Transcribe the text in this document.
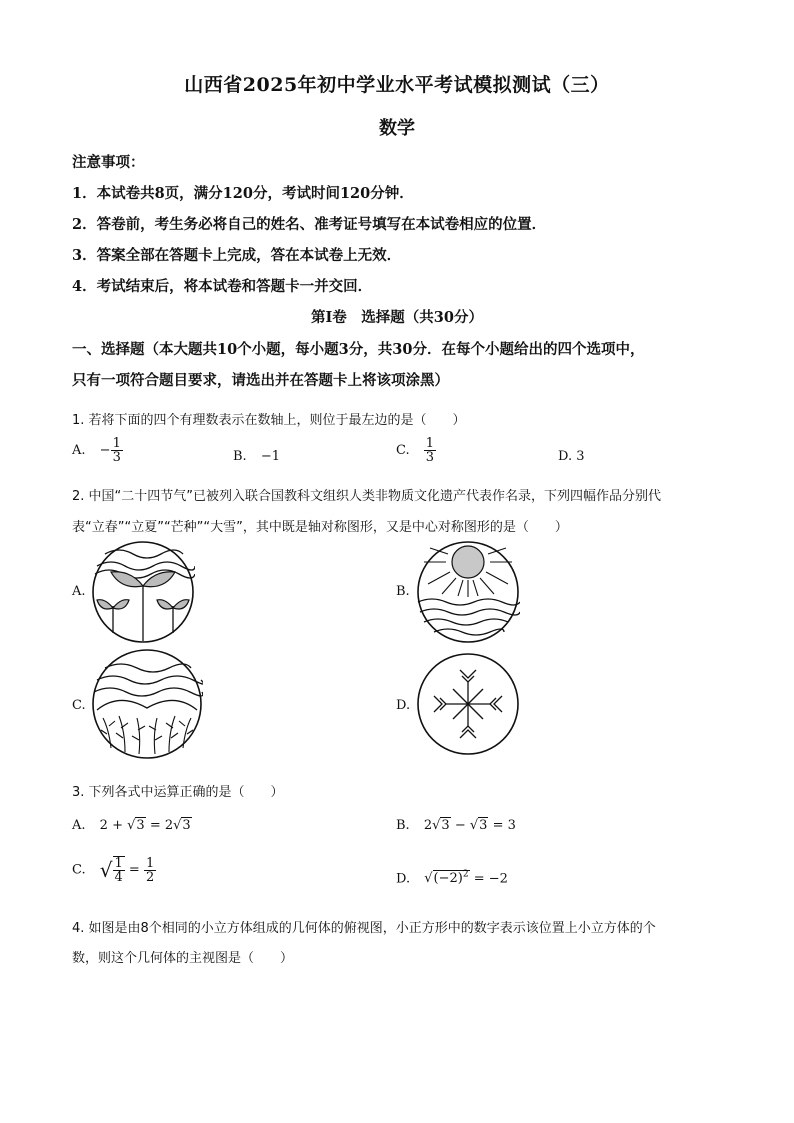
山西省2025年初中学业水平考试模拟测试（三）
数学
注意事项：
1．本试卷共8页，满分120分，考试时间120分钟．
2．答卷前，考生务必将自己的姓名、准考证号填写在本试卷相应的位置．
3．答案全部在答题卡上完成，答在本试卷上无效．
4．考试结束后，将本试卷和答题卡一并交回．
第Ⅰ卷　选择题（共30分）
一、选择题（本大题共10个小题，每小题3分，共30分．在每个小题给出的四个选项中，
只有一项符合题目要求，请选出并在答题卡上将该项涂黑）
1. 若将下面的四个有理数表示在数轴上，则位于最左边的是（　　）
A. − $\frac{1}{3}$	B. −1	C. $\frac{1}{3}$	D. 3
2. 中国“二十四节气”已被列入联合国教科文组织人类非物质文化遗产代表作名录，下列四幅作品分别代
表“立春”“立夏”“芒种”“大雪”，其中既是轴对称图形，又是中心对称图形的是（　　）
A.	B.
C.	D.
3. 下列各式中运算正确的是（　　）
A. 2 + √3 = 2√3	B. 2√3 − √3 = 3
C. √ $\frac{1}{4} = \frac{1}{2}$	D. $√(-2)^2 = -2$
4. 如图是由8个相同的小立方体组成的几何体的俯视图，小正方形中的数字表示该位置上小立方体的个
数，则这个几何体的主视图是（　　）
